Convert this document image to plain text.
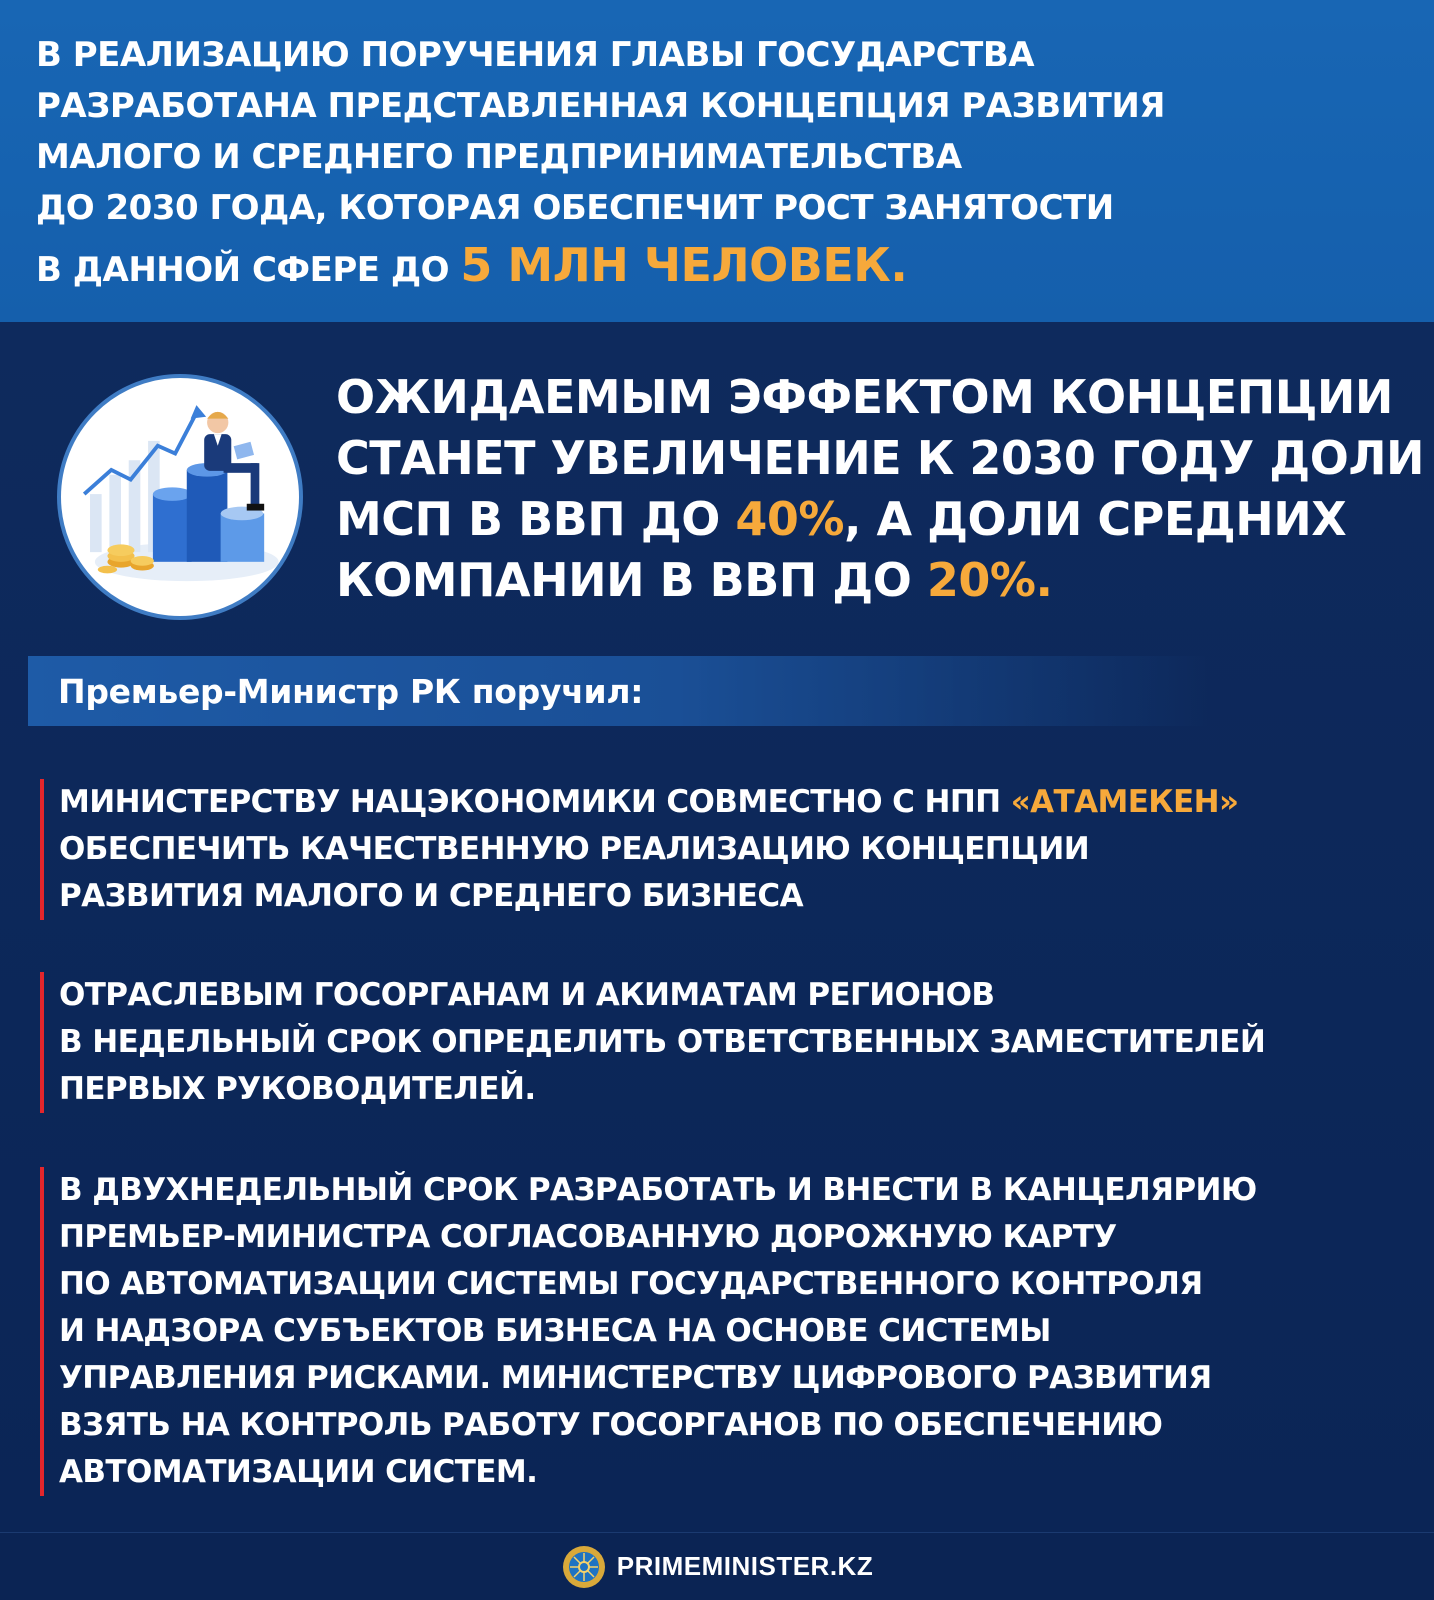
В РЕАЛИЗАЦИЮ ПОРУЧЕНИЯ ГЛАВЫ ГОСУДАРСТВА
РАЗРАБОТАНА ПРЕДСТАВЛЕННАЯ КОНЦЕПЦИЯ РАЗВИТИЯ
МАЛОГО И СРЕДНЕГО ПРЕДПРИНИМАТЕЛЬСТВА
ДО 2030 ГОДА, КОТОРАЯ ОБЕСПЕЧИТ РОСТ ЗАНЯТОСТИ
В ДАННОЙ СФЕРЕ ДО 5 МЛН ЧЕЛОВЕК.
ОЖИДАЕМЫМ ЭФФЕКТОМ КОНЦЕПЦИИ
СТАНЕТ УВЕЛИЧЕНИЕ К 2030 ГОДУ ДОЛИ
МСП В ВВП ДО 40%, А ДОЛИ СРЕДНИХ
КОМПАНИИ В ВВП ДО 20%.
Премьер-Министр РК поручил:
МИНИСТЕРСТВУ НАЦЭКОНОМИКИ СОВМЕСТНО С НПП «АТАМЕКЕН»
ОБЕСПЕЧИТЬ КАЧЕСТВЕННУЮ РЕАЛИЗАЦИЮ КОНЦЕПЦИИ
РАЗВИТИЯ МАЛОГО И СРЕДНЕГО БИЗНЕСА
ОТРАСЛЕВЫМ ГОСОРГАНАМ И АКИМАТАМ РЕГИОНОВ
В НЕДЕЛЬНЫЙ СРОК ОПРЕДЕЛИТЬ ОТВЕТСТВЕННЫХ ЗАМЕСТИТЕЛЕЙ
ПЕРВЫХ РУКОВОДИТЕЛЕЙ.
В ДВУХНЕДЕЛЬНЫЙ СРОК РАЗРАБОТАТЬ И ВНЕСТИ В КАНЦЕЛЯРИЮ
ПРЕМЬЕР-МИНИСТРА СОГЛАСОВАННУЮ ДОРОЖНУЮ КАРТУ
ПО АВТОМАТИЗАЦИИ СИСТЕМЫ ГОСУДАРСТВЕННОГО КОНТРОЛЯ
И НАДЗОРА СУБЪЕКТОВ БИЗНЕСА НА ОСНОВЕ СИСТЕМЫ
УПРАВЛЕНИЯ РИСКАМИ. МИНИСТЕРСТВУ ЦИФРОВОГО РАЗВИТИЯ
ВЗЯТЬ НА КОНТРОЛЬ РАБОТУ ГОСОРГАНОВ ПО ОБЕСПЕЧЕНИЮ
АВТОМАТИЗАЦИИ СИСТЕМ.
PRIMEMINISTER.KZ
